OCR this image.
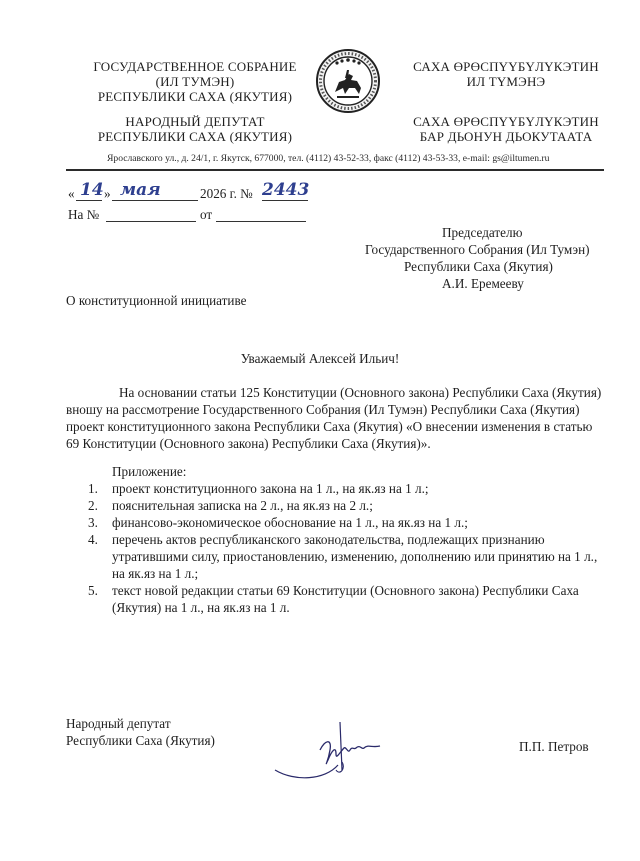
ГОСУДАРСТВЕННОЕ СОБРАНИЕ
(ИЛ ТУМЭН)
РЕСПУБЛИКИ САХА (ЯКУТИЯ)
НАРОДНЫЙ ДЕПУТАТ
РЕСПУБЛИКИ САХА (ЯКУТИЯ)
САХА ӨРӨСПҮҮБҮЛҮКЭТИН
ИЛ ТҮМЭНЭ
САХА ӨРӨСПҮҮБҮЛҮКЭТИН
БАР ДЬОНУН ДЬОКУТААТА
Ярославского ул., д. 24/1, г. Якутск, 677000, тел. (4112) 43-52-33, факс (4112) 43-53-33, e-mail: gs@iltumen.ru
« 14 » мая	2026 г. № 2443
На №	от
Председателю
Государственного Собрания (Ил Тумэн)
Республики Саха (Якутия)
А.И. Еремееву
О конституционной инициативе
Уважаемый Алексей Ильич!
На основании статьи 125 Конституции (Основного закона) Республики Саха (Якутия)
вношу на рассмотрение Государственного Собрания (Ил Тумэн) Республики Саха (Якутия)
проект конституционного закона Республики Саха (Якутия) «О внесении изменения в статью
69 Конституции (Основного закона) Республики Саха (Якутия)».
Приложение:
1. проект конституционного закона на 1 л., на як.яз на 1 л.;
2. пояснительная записка на 2 л., на як.яз на 2 л.;
3. финансово-экономическое обоснование на 1 л., на як.яз на 1 л.;
4. перечень актов республиканского законодательства, подлежащих признанию
утратившими силу, приостановлению, изменению, дополнению или принятию на 1 л.,
на як.яз на 1 л.;
5. текст новой редакции статьи 69 Конституции (Основного закона) Республики Саха
(Якутия) на 1 л., на як.яз на 1 л.
Народный депутат
Республики Саха (Якутия)	П.П. Петров
